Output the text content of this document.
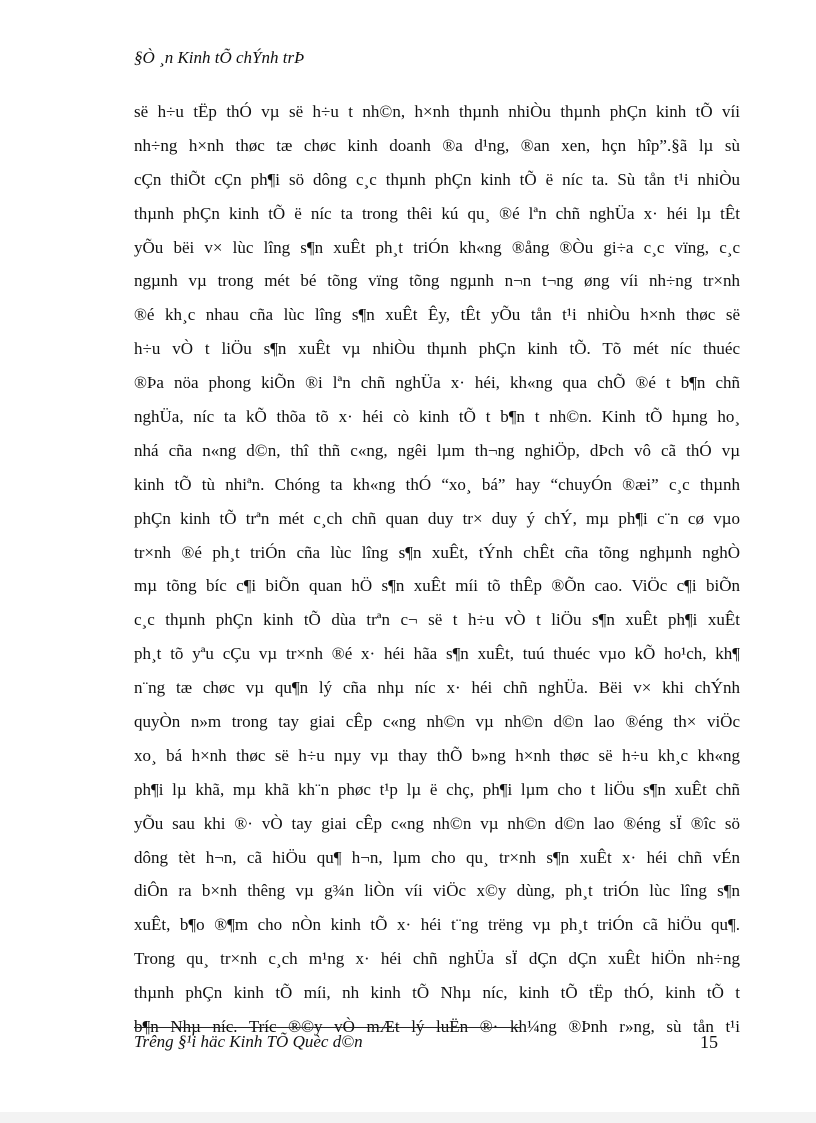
§Ò ¸n Kinh tÕ chÝnh trÞ
së h÷u tËp thÓ vµ së h÷u t nh©n, h×nh thµnh nhiÒu thµnh phÇn kinh tÕ víi
nh÷ng h×nh thøc tæ chøc kinh doanh ®a d¹ng, ®an xen, hçn hîp”.§ã lµ sù
cÇn thiÕt cÇn ph¶i sö dông c¸c thµnh phÇn kinh tÕ ë níc ta. Sù tån t¹i nhiÒu
thµnh phÇn kinh tÕ ë níc ta trong thêi kú qu¸ ®é lªn chñ nghÜa x· héi lµ tÊt
yÕu bëi v× lùc lîng s¶n xuÊt ph¸t triÓn kh«ng ®ång ®Òu gi÷a c¸c vïng, c¸c
ngµnh vµ trong mét bé tõng vïng tõng ngµnh n¬n t¬ng øng víi nh÷ng tr×nh
®é kh¸c nhau cña lùc lîng s¶n xuÊt Êy, tÊt yÕu tån t¹i nhiÒu h×nh thøc së
h÷u vÒ t liÖu s¶n xuÊt vµ nhiÒu thµnh phÇn kinh tÕ. Tõ mét níc thuéc
®Þa nöa phong kiÕn ®i lªn chñ nghÜa x· héi, kh«ng qua chÕ ®é t b¶n chñ
nghÜa, níc ta kÕ thõa tõ x· héi cò kinh tÕ t b¶n t nh©n. Kinh tÕ hµng ho¸
nhá cña n«ng d©n, thî thñ c«ng, ngêi lµm th¬ng nghiÖp, dÞch vô cã thÓ vµ
kinh tÕ tù nhiªn. Chóng ta kh«ng thÓ “xo¸ bá” hay “chuyÓn ®æi” c¸c thµnh
phÇn kinh tÕ trªn mét c¸ch chñ quan duy tr× duy ý chÝ, mµ ph¶i c¨n cø vµo
tr×nh ®é ph¸t triÓn cña lùc lîng s¶n xuÊt, tÝnh chÊt cña tõng nghµnh nghÒ
mµ tõng bíc c¶i biÕn quan hÖ s¶n xuÊt míi tõ thÊp ®Õn cao. ViÖc c¶i biÕn
c¸c thµnh phÇn kinh tÕ dùa trªn c¬ së t h÷u vÒ t liÖu s¶n xuÊt ph¶i xuÊt
ph¸t tõ yªu cÇu vµ tr×nh ®é x· héi hãa s¶n xuÊt, tuú thuéc vµo kÕ ho¹ch, kh¶
n¨ng tæ chøc vµ qu¶n lý cña nhµ níc x· héi chñ nghÜa. Bëi v× khi chÝnh
quyÒn n»m trong tay giai cÊp c«ng nh©n vµ nh©n d©n lao ®éng th× viÖc
xo¸ bá h×nh thøc së h÷u nµy vµ thay thÕ b»ng h×nh thøc së h÷u kh¸c kh«ng
ph¶i lµ khã, mµ khã kh¨n phøc t¹p lµ ë chç, ph¶i lµm cho t liÖu s¶n xuÊt chñ
yÕu sau khi ®· vÒ tay giai cÊp c«ng nh©n vµ nh©n d©n lao ®éng sÏ ®îc sö
dông tèt h¬n, cã hiÖu qu¶ h¬n, lµm cho qu¸ tr×nh s¶n xuÊt x· héi chñ vÉn
diÔn ra b×nh thêng vµ g¾n liÒn víi viÖc x©y dùng, ph¸t triÓn lùc lîng s¶n
xuÊt, b¶o ®¶m cho nÒn kinh tÕ x· héi t¨ng trëng vµ ph¸t triÓn cã hiÖu qu¶.
Trong qu¸ tr×nh c¸ch m¹ng x· héi chñ nghÜa sÏ dÇn dÇn xuÊt hiÖn nh÷ng
thµnh phÇn kinh tÕ míi, nh kinh tÕ Nhµ níc, kinh tÕ tËp thÓ, kinh tÕ t
b¶n Nhµ níc. Tríc ®©y vÒ mÆt lý luËn ®· kh¼ng ®Þnh r»ng, sù tån t¹i
Trêng §¹i häc Kinh TÕ Quèc d©n	15
